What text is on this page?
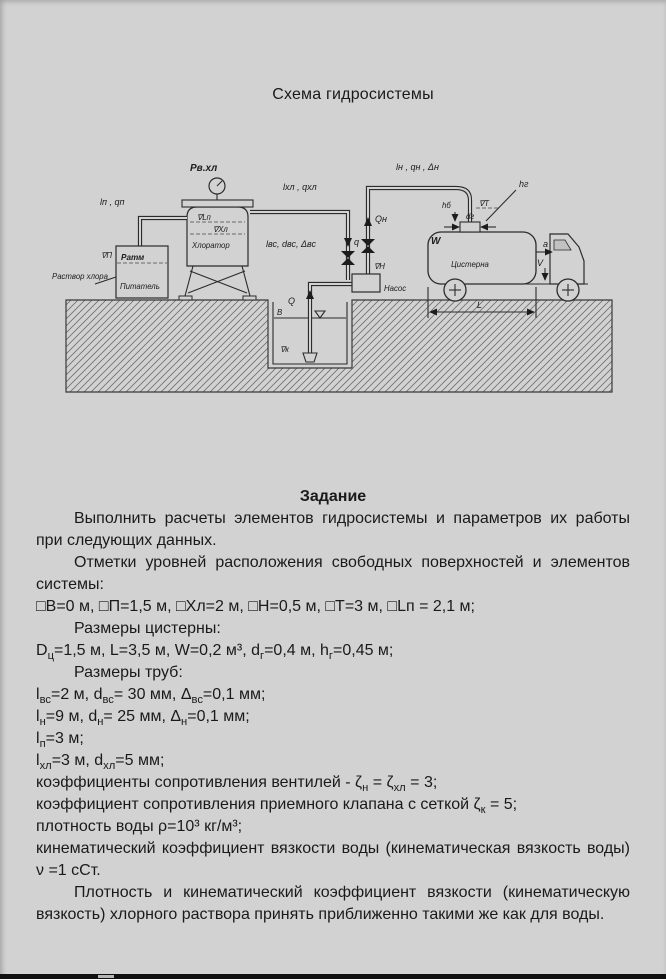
Схема гидросистемы
В
Q
lвс, dвс, Δвс
∇к
q
lхл , qхл
Qн
lн , qн , Δн
Насос
∇Н
Pв.хл
∇Lп
∇Хл
Хлоратор
∇П Pатм
Питатель
Раствор хлора
lп , qп
Цистерна
W
dг
hб	∇Т
hг
a
V
L
Задание

Выполнить расчеты элементов гидросистемы и параметров их работы при следующих данных.

Отметки уровней расположения свободных поверхностей и элементов системы:

□В=0 м, □П=1,5 м, □Хл=2 м, □Н=0,5 м, □Т=3 м, □Lп = 2,1 м;

Размеры цистерны:

$D_ц=1,5$ м, L=3,5 м, W=0,2 м³, $d_г=0,4$ м, $h_г=0,45$ м;

Размеры труб:

$l_{вс}=2$ м, $d_{вс}= 30$ мм, $\Delta_{вс}=0,1$ мм;

$l_н=9$ м, $d_н= 25$ мм, $\Delta_н=0,1$ мм;

$l_п=3$ м;

$l_{хл}=3$ м, $d_{хл}=5$ мм;

коэффициенты сопротивления вентилей - $\zeta_н = \zeta_{хл} = 3$;

коэффициент сопротивления приемного клапана с сеткой $\zeta_к = 5$;

плотность воды ρ=10³ кг/м³;

кинематический коэффициент вязкости воды (кинематическая вязкость воды) ν =1 сСт.

Плотность и кинематический коэффициент вязкости (кинематическую вязкость) хлорного раствора принять приближенно такими же как для воды.
